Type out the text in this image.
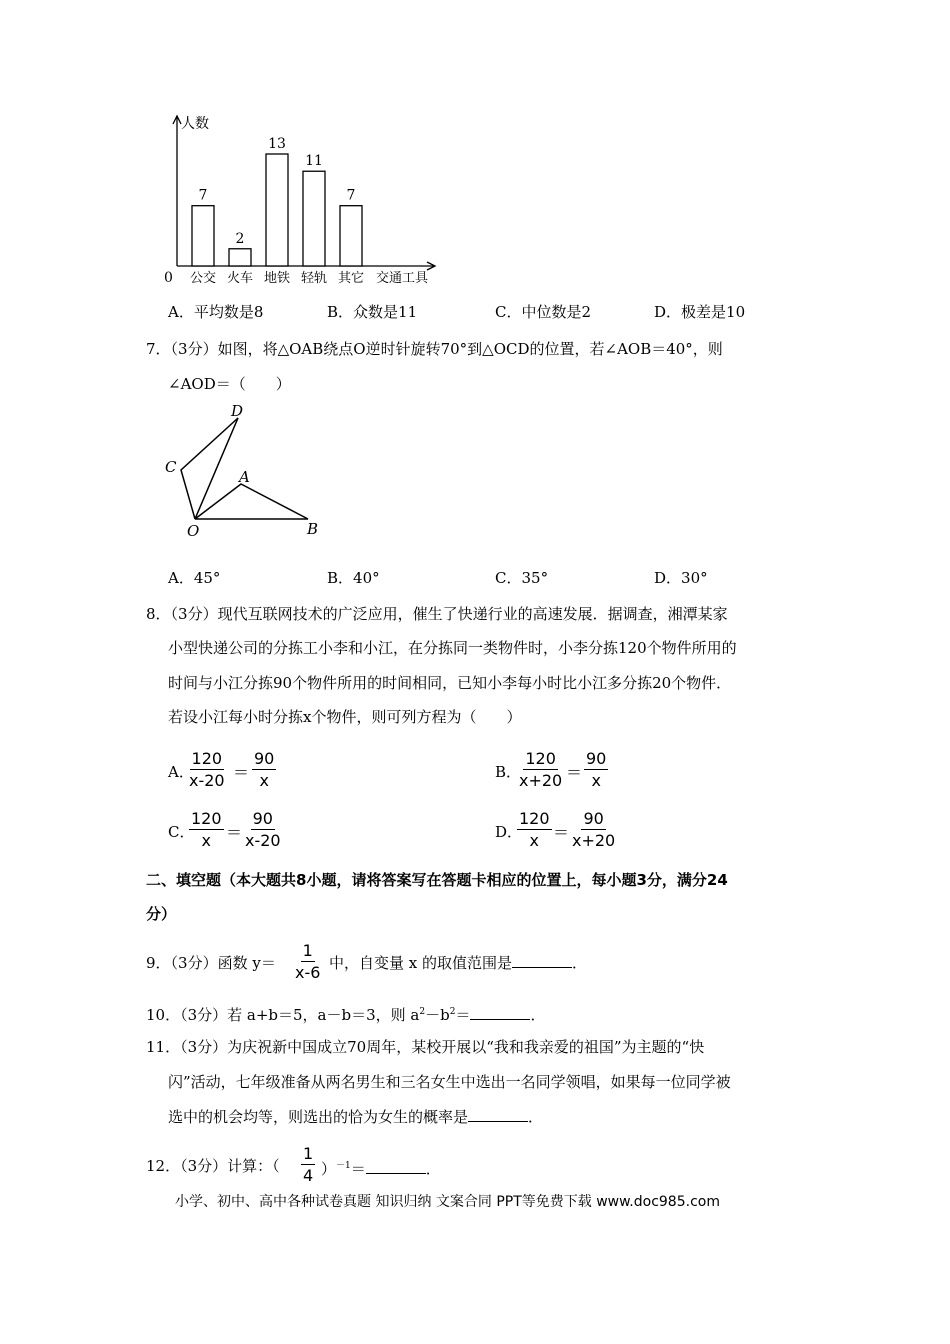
人数
交通工具
0
7
公交
2
火车
13
地铁
11
轻轨
7
其它
A．平均数是8	B．众数是11	C．中位数是2	D．极差是10
7．（3分）如图，将△OAB绕点O逆时针旋转70°到△OCD的位置，若∠AOB＝40°，则
∠AOD＝（　　）
D
C
A
O	B
A．45°	B．40°	C．35°	D．30°
8．（3分）现代互联网技术的广泛应用，催生了快递行业的高速发展．据调查，湘潭某家
小型快递公司的分拣工小李和小江，在分拣同一类物件时，小李分拣120个物件所用的
时间与小江分拣90个物件所用的时间相同，已知小李每小时比小江多分拣20个物件．
若设小江每小时分拣x个物件，则可列方程为（　　）
A．
$\frac{120}{x-20} = \frac{90}{x}$	B．
$\frac{120}{x+20} = \frac{90}{x}$
C．
$\frac{120}{x} = \frac{90}{x-20}$	D．
$\frac{120}{x} = \frac{90}{x+20}$
二、填空题（本大题共8小题，请将答案写在答题卡相应的位置上，每小题3分，满分24
分）
9．（3分）函数 $y= \frac{1}{x-6}$ 中，自变量 x 的取值范围是	．
10．（3分）若 a+b＝5，a－b＝3，则 $a^2-b^2=$	．
11．（3分）为庆祝新中国成立70周年，某校开展以“我和我亲爱的祖国”为主题的“快
闪”活动，七年级准备从两名男生和三名女生中选出一名同学领唱，如果每一位同学被
选中的机会均等，则选出的恰为女生的概率是	．
12．（3分）计算：（ $\frac{1}{4} )^{-1}=$	．
小学、初中、高中各种试卷真题 知识归纳 文案合同 PPT等免费下载 www.doc985.com
